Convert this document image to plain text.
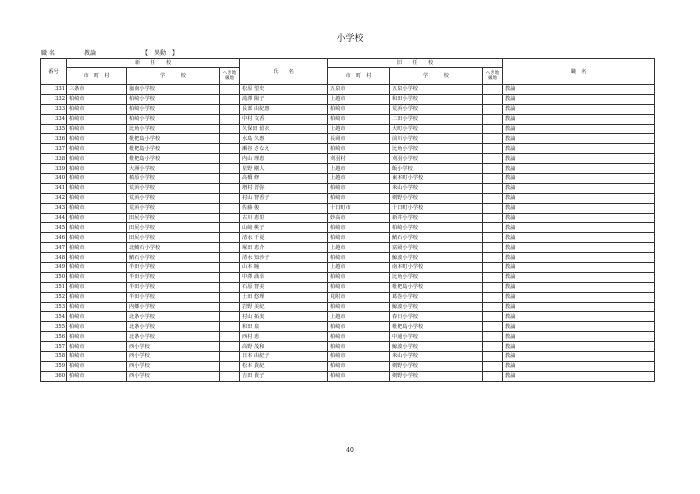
小学校
職 名	教論	【　異動　】
番号	新　　任　　校			氏　　名	旧　　任　　校			職　名
	市　町　村	学　　　校	へき地級地		市　町　村	学　　　校	へき地級地	
331	三条市	嵐南小学校		松原 望史	五泉市	五泉小学校		教論
332	柏崎市	柏崎小学校		滝澤 陽子	上越市	和田小学校		教論
333	柏崎市	柏崎小学校		長部 由紀惠	柏崎市	荒浜小学校		教論
334	柏崎市	柏崎小学校		中村 文香	柏崎市	二田小学校		教論
335	柏崎市	比角小学校		久保田 留衣	上越市	大町小学校		教論
336	柏崎市	枇杷島小学校		水島 久惠	長岡市	前川小学校		教論
337	柏崎市	枇杷島小学校		瀬谷 さなえ	柏崎市	比角小学校		教論
338	柏崎市	枇杷島小学校		内山 理恵	刈羽村	刈羽小学校		教論
339	柏崎市	大洲小学校		星野 剛人	上越市	飯小学校		教論
340	柏崎市	槙原小学校		高橋 修	上越市	東本町小学校		教論
341	柏崎市	荒浜小学校		増村 晋弥	柏崎市	米山小学校		教論
342	柏崎市	荒浜小学校		村山 智香子	柏崎市	剣野小学校		教論
343	柏崎市	荒浜小学校		佐藤 俊	十日町市	十日町小学校		教論
344	柏崎市	田尻小学校		古川 恵里	妙高市	新井小学校		教論
345	柏崎市	田尻小学校		山﨑 桃子	柏崎市	柏崎小学校		教論
346	柏崎市	田尻小学校		清水 千夏	柏崎市	鯖石小学校		教論
347	柏崎市	北鯖石小学校		塚田 恵介	上越市	富岡小学校		教論
348	柏崎市	鯖石小学校		清水 知沙子	柏崎市	鯨波小学校		教論
349	柏崎市	半田小学校		山本 瞳	上越市	南本町小学校		教論
350	柏崎市	半田小学校		中澤 満幸	柏崎市	比角小学校		教論
351	柏崎市	半田小学校		石原 智美	柏崎市	枇杷島小学校		教論
352	柏崎市	半田小学校		土田 悠理	見附市	葛巻小学校		教論
353	柏崎市	内郷小学校		岩野 美紀	柏崎市	鯨波小学校		教論
354	柏崎市	北条小学校		村山 拓実	上越市	春日小学校		教論
355	柏崎市	北条小学校		和田 泉	柏崎市	枇杷島小学校		教論
356	柏崎市	北条小学校		西村 恵	柏崎市	中通小学校		教論
357	柏崎市	西小学校		高野 茂和	柏崎市	鯨波小学校		教論
358	柏崎市	西小学校		日本 由紀子	柏崎市	米山小学校		教論
359	柏崎市	西小学校		松本 貴紀	柏崎市	剣野小学校		教論
360	柏崎市	西小学校		吉田 貴子	柏崎市	剣野小学校		教論
40
